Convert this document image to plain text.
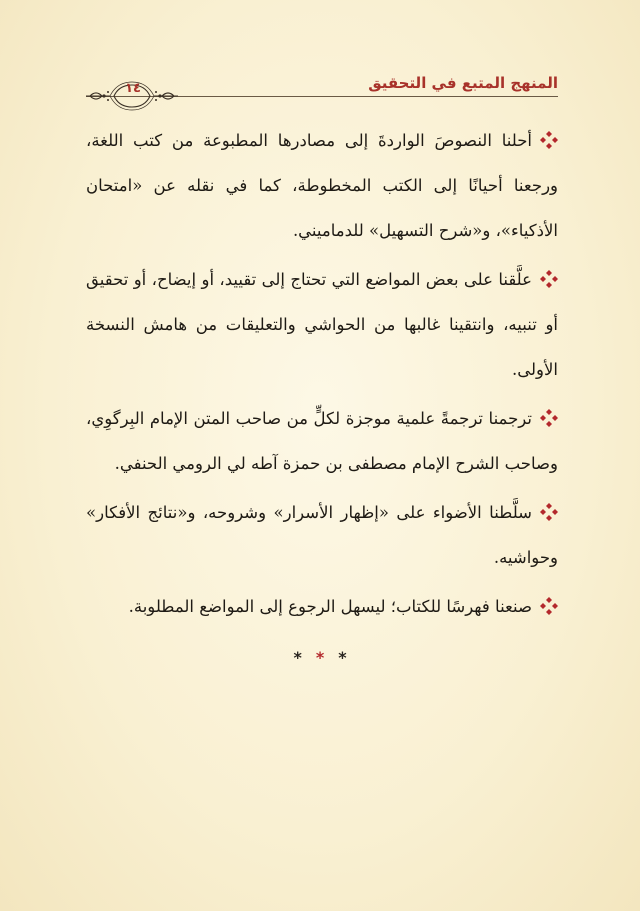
المنهج المتبع في التحقيق
١٤

أحلنا النصوصَ الواردةَ إلى مصادرها المطبوعة من كتب اللغة، ورجعنا أحيانًا إلى الكتب المخطوطة، كما في نقله عن «امتحان الأذكياء»، و«شرح التسهيل» للدماميني.

علَّقنا على بعض المواضع التي تحتاج إلى تقييد، أو إيضاح، أو تحقيق أو تنبيه، وانتقينا غالبها من الحواشي والتعليقات من هامش النسخة الأولى.

ترجمنا ترجمةً علمية موجزة لكلٍّ من صاحب المتن الإمام البِرگوِي، وصاحب الشرح الإمام مصطفى بن حمزة آطه لي الرومي الحنفي.

سلَّطنا الأضواء على «إظهار الأسرار» وشروحه، و«نتائج الأفكار» وحواشيه.

صنعنا فهرسًا للكتاب؛ ليسهل الرجوع إلى المواضع المطلوبة.

* * *
